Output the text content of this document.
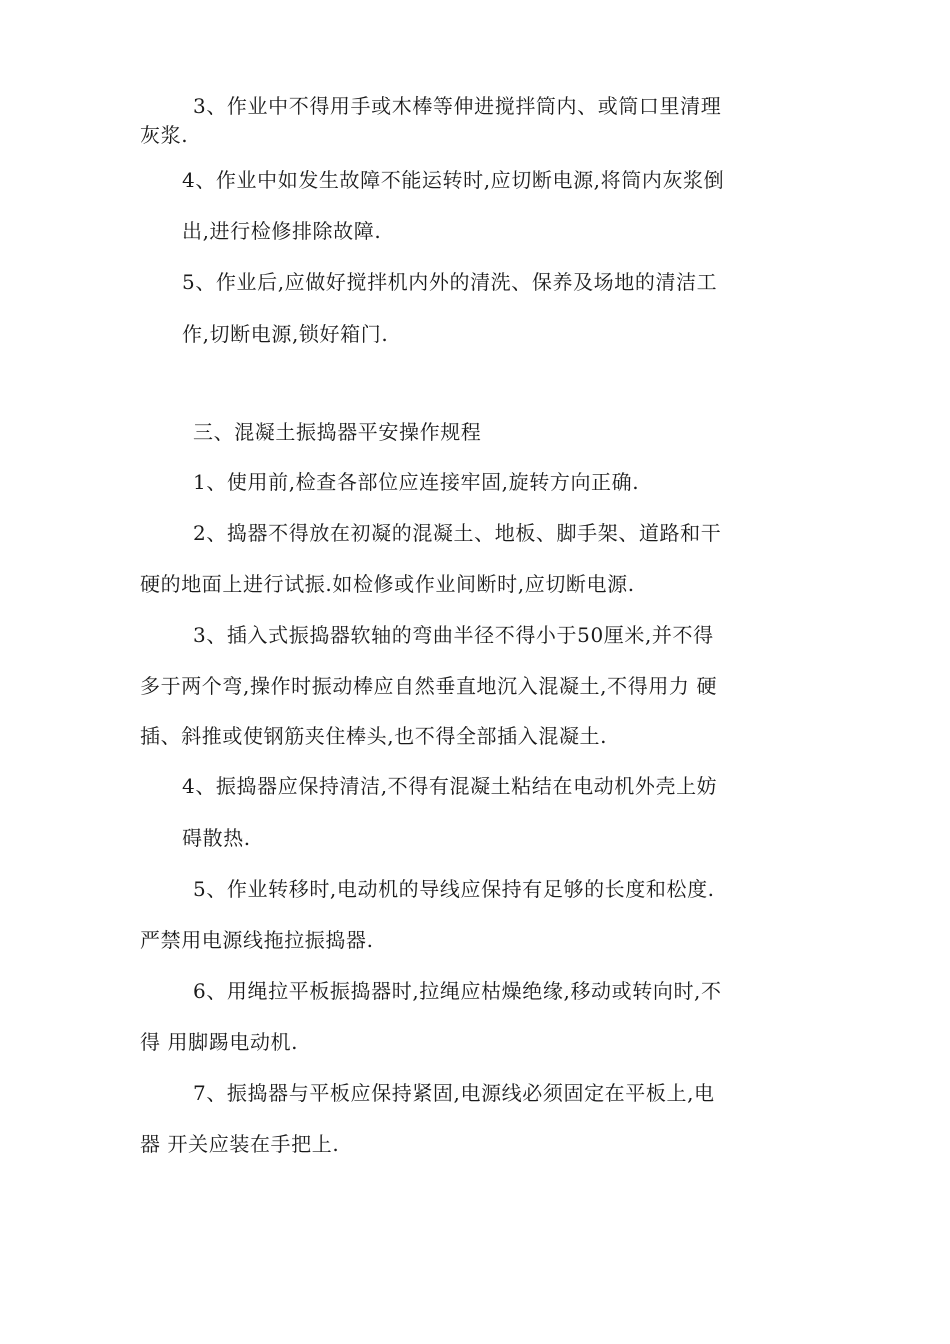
3、作业中不得用手或木棒等伸进搅拌筒内、或筒口里清理
灰浆.
4、作业中如发生故障不能运转时,应切断电源,将筒内灰浆倒
出,进行检修排除故障.
5、作业后,应做好搅拌机内外的清洗、保养及场地的清洁工
作,切断电源,锁好箱门.
三、混凝土振捣器平安操作规程
1、使用前,检查各部位应连接牢固,旋转方向正确.
2、捣器不得放在初凝的混凝土、地板、脚手架、道路和干
硬的地面上进行试振.如检修或作业间断时,应切断电源.
3、插入式振捣器软轴的弯曲半径不得小于50厘米,并不得
多于两个弯,操作时振动棒应自然垂直地沉入混凝土,不得用力 硬
插、斜推或使钢筋夹住棒头,也不得全部插入混凝土.
4、振捣器应保持清洁,不得有混凝土粘结在电动机外壳上妨
碍散热.
5、作业转移时,电动机的导线应保持有足够的长度和松度.
严禁用电源线拖拉振捣器.
6、用绳拉平板振捣器时,拉绳应枯燥绝缘,移动或转向时,不
得 用脚踢电动机.
7、振捣器与平板应保持紧固,电源线必须固定在平板上,电
器 开关应装在手把上.
